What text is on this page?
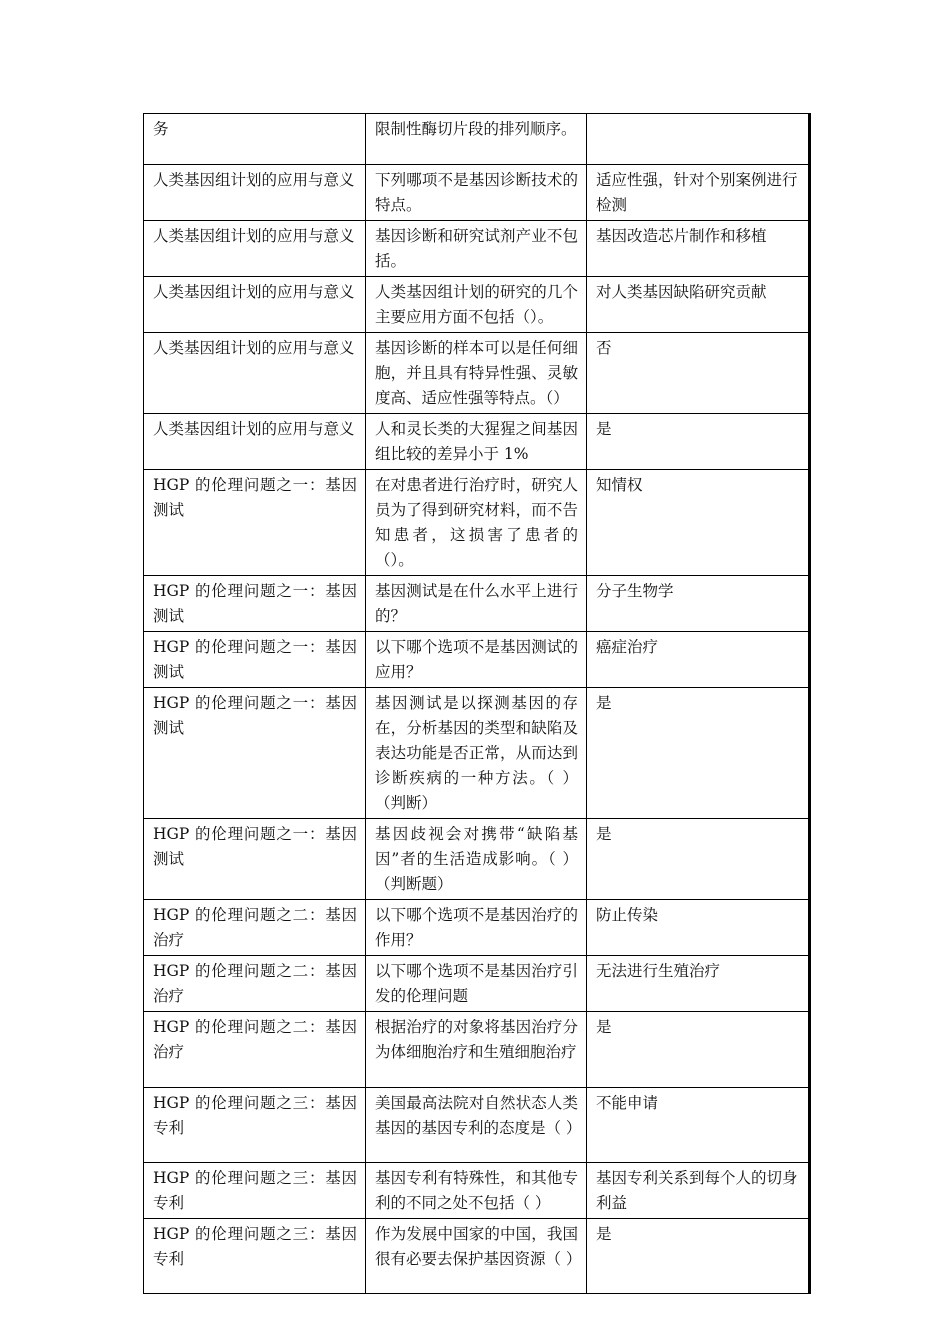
务	限制性酶切片段的排列顺序。	
人类基因组计划的应用与意义	下列哪项不是基因诊断技术的特点。	适应性强，针对个别案例进行检测
人类基因组计划的应用与意义	基因诊断和研究试剂产业不包括。	基因改造芯片制作和移植
人类基因组计划的应用与意义	人类基因组计划的研究的几个主要应用方面不包括（）。	对人类基因缺陷研究贡献
人类基因组计划的应用与意义	基因诊断的样本可以是任何细胞，并且具有特异性强、灵敏度高、适应性强等特点。（）	否
人类基因组计划的应用与意义	人和灵长类的大猩猩之间基因组比较的差异小于 1%	是
HGP 的伦理问题之一：基因测试	在对患者进行治疗时，研究人员为了得到研究材料，而不告知患者，这损害了患者的（）。	知情权
HGP 的伦理问题之一：基因测试	基因测试是在什么水平上进行的？	分子生物学
HGP 的伦理问题之一：基因测试	以下哪个选项不是基因测试的应用？	癌症治疗
HGP 的伦理问题之一：基因测试	基因测试是以探测基因的存在，分析基因的类型和缺陷及表达功能是否正常，从而达到诊断疾病的一种方法。（ ）（判断）	是
HGP 的伦理问题之一：基因测试	基因歧视会对携带“缺陷基因”者的生活造成影响。（ ）（判断题）	是
HGP 的伦理问题之二：基因治疗	以下哪个选项不是基因治疗的作用？	防止传染
HGP 的伦理问题之二：基因治疗	以下哪个选项不是基因治疗引发的伦理问题	无法进行生殖治疗
HGP 的伦理问题之二：基因治疗	根据治疗的对象将基因治疗分为体细胞治疗和生殖细胞治疗	是
HGP 的伦理问题之三：基因专利	美国最高法院对自然状态人类基因的基因专利的态度是（ ）	不能申请
HGP 的伦理问题之三：基因专利	基因专利有特殊性，和其他专利的不同之处不包括（ ）	基因专利关系到每个人的切身利益
HGP 的伦理问题之三：基因专利	作为发展中国家的中国，我国很有必要去保护基因资源（ ）	是
